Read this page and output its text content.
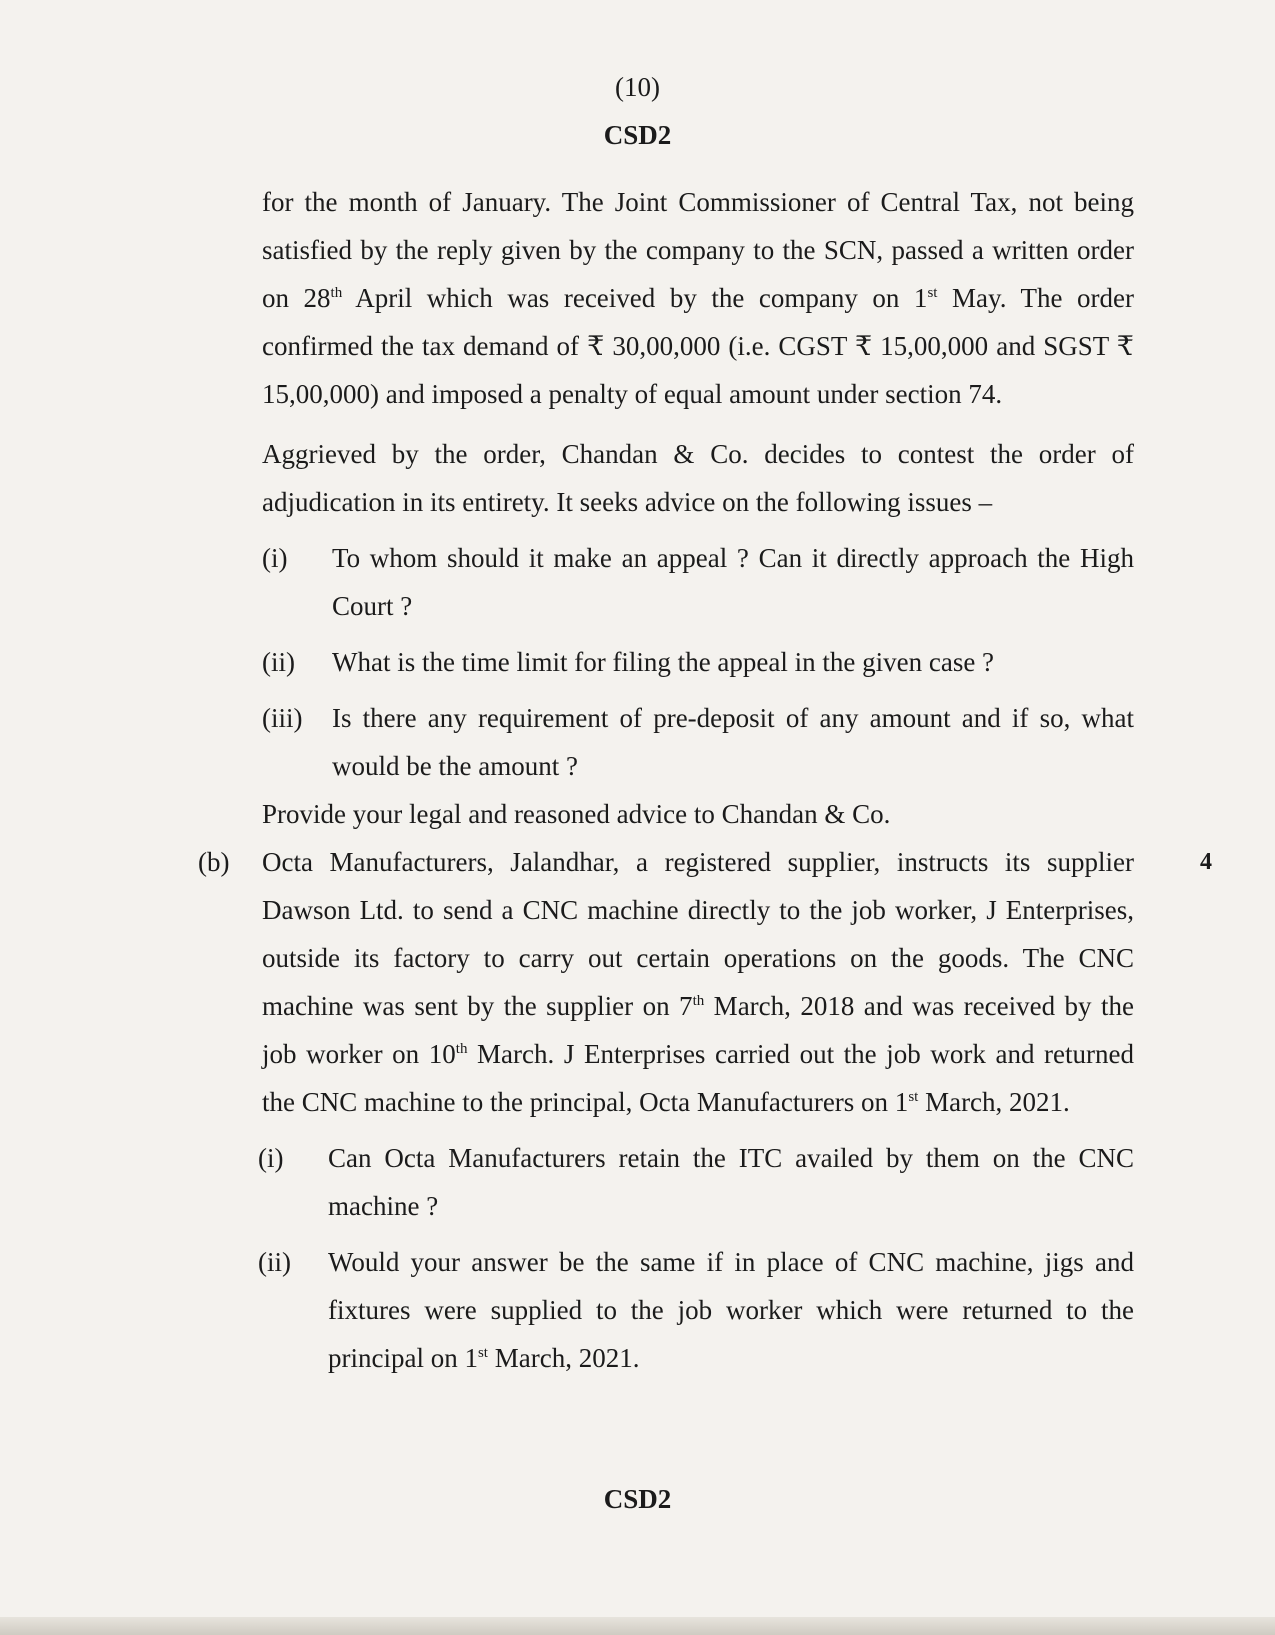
(10)
CSD2

for the month of January. The Joint Commissioner of Central Tax, not being satisfied by the reply given by the company to the SCN, passed a written order on 28th April which was received by the company on 1st May. The order confirmed the tax demand of ₹ 30,00,000 (i.e. CGST ₹ 15,00,000 and SGST ₹ 15,00,000) and imposed a penalty of equal amount under section 74.

Aggrieved by the order, Chandan & Co. decides to contest the order of adjudication in its entirety. It seeks advice on the following issues –

(i)	To whom should it make an appeal ? Can it directly approach the High Court ?
(ii)	What is the time limit for filing the appeal in the given case ?
(iii)	Is there any requirement of pre-deposit of any amount and if so, what would be the amount ?

Provide your legal and reasoned advice to Chandan & Co.

(b)	4

Octa Manufacturers, Jalandhar, a registered supplier, instructs its supplier Dawson Ltd. to send a CNC machine directly to the job worker, J Enterprises, outside its factory to carry out certain operations on the goods. The CNC machine was sent by the supplier on 7th March, 2018 and was received by the job worker on 10th March. J Enterprises carried out the job work and returned the CNC machine to the principal, Octa Manufacturers on 1st March, 2021.

(i)	Can Octa Manufacturers retain the ITC availed by them on the CNC machine ?
(ii)	Would your answer be the same if in place of CNC machine, jigs and fixtures were supplied to the job worker which were returned to the principal on 1st March, 2021.
CSD2
